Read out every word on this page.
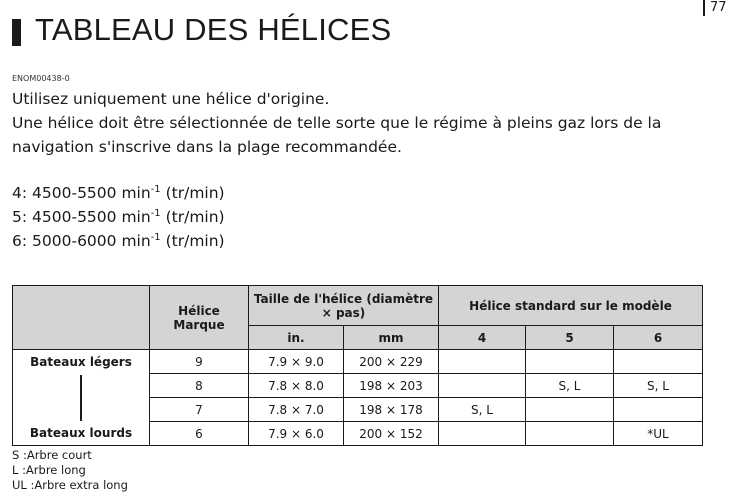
77
TABLEAU DES HÉLICES
ENOM00438-0
Utilisez uniquement une hélice d'origine.
Une hélice doit être sélectionnée de telle sorte que le régime à pleins gaz lors de la
navigation s'inscrive dans la plage recommandée.
4: 4500-5500 $\min^{-1} (tr/\min)$
5: 4500-5500 $\min^{-1} (tr/\min)$
6: 5000-6000 $\min^{-1} (tr/\min)$
	Hélice Marque	Taille de l'hélice (diamètre × pas)		Hélice standard sur le modèle		
		in.	mm	4	5	6
Bateaux légers	9	7.9 × 9.0	200 × 229			

	8	7.8 × 8.0	198 × 203		S, L	S, L
	7	7.8 × 7.0	198 × 178	S, L		
Bateaux lourds	6	7.9 × 6.0	200 × 152			*UL
S :Arbre court
L :Arbre long
UL :Arbre extra long
